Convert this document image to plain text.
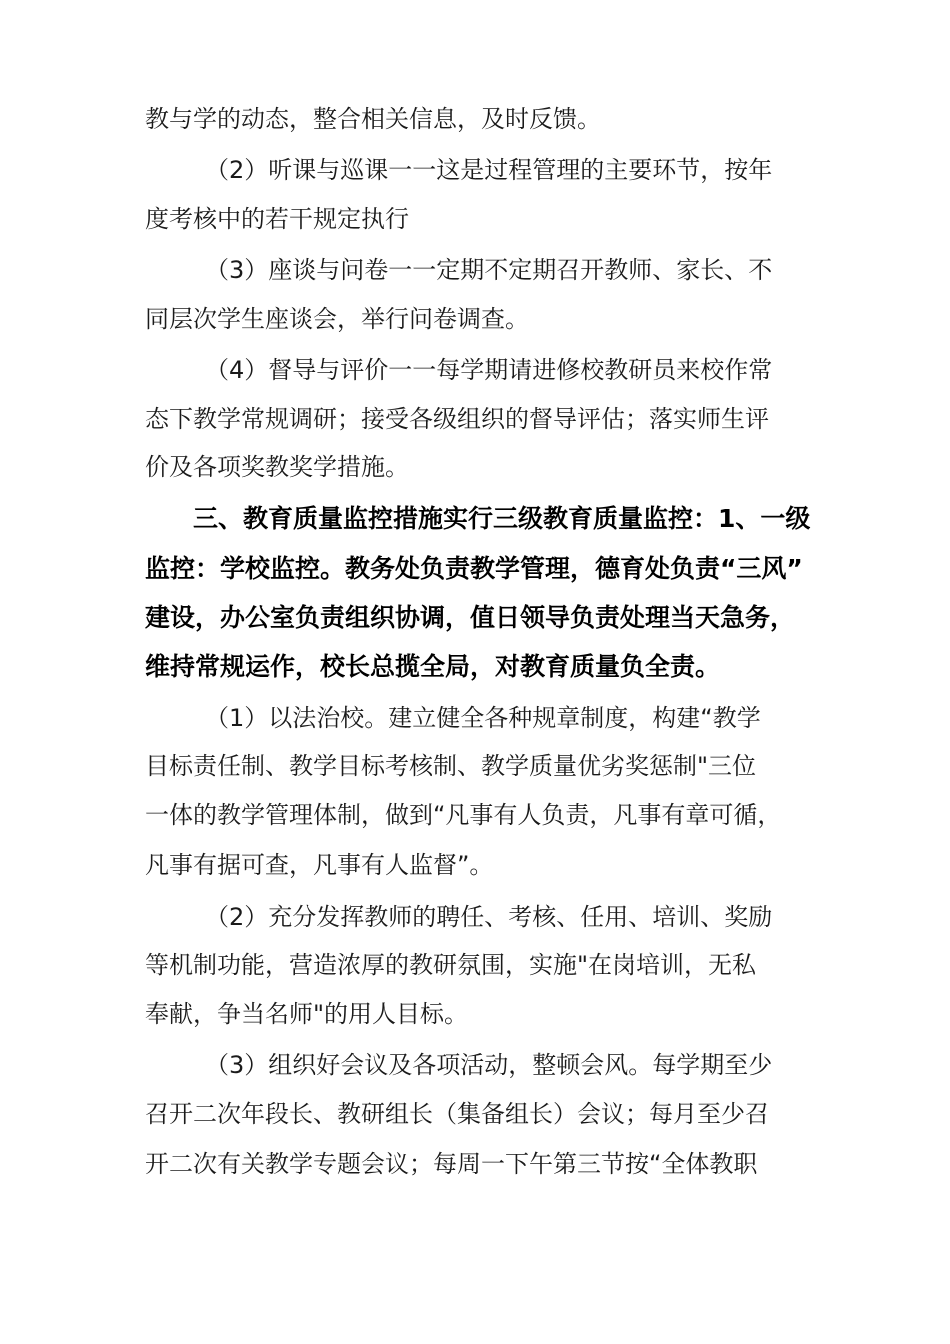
教与学的动态，整合相关信息，及时反馈。
（2）听课与巡课一一这是过程管理的主要环节，按年
度考核中的若干规定执行
（3）座谈与问卷一一定期不定期召开教师、家长、不
同层次学生座谈会，举行问卷调查。
（4）督导与评价一一每学期请进修校教研员来校作常
态下教学常规调研；接受各级组织的督导评估；落实师生评
价及各项奖教奖学措施。
三、教育质量监控措施实行三级教育质量监控：1、一级
监控：学校监控。教务处负责教学管理，德育处负责“三风”
建设，办公室负责组织协调，值日领导负责处理当天急务，
维持常规运作，校长总揽全局，对教育质量负全责。
（1）以法治校。建立健全各种规章制度，构建“教学
目标责任制、教学目标考核制、教学质量优劣奖惩制"三位
一体的教学管理体制，做到“凡事有人负责，凡事有章可循，
凡事有据可查，凡事有人监督”。
（2）充分发挥教师的聘任、考核、任用、培训、奖励
等机制功能，营造浓厚的教研氛围，实施"在岗培训，无私
奉献，争当名师"的用人目标。
（3）组织好会议及各项活动，整顿会风。每学期至少
召开二次年段长、教研组长（集备组长）会议；每月至少召
开二次有关教学专题会议；每周一下午第三节按“全体教职
